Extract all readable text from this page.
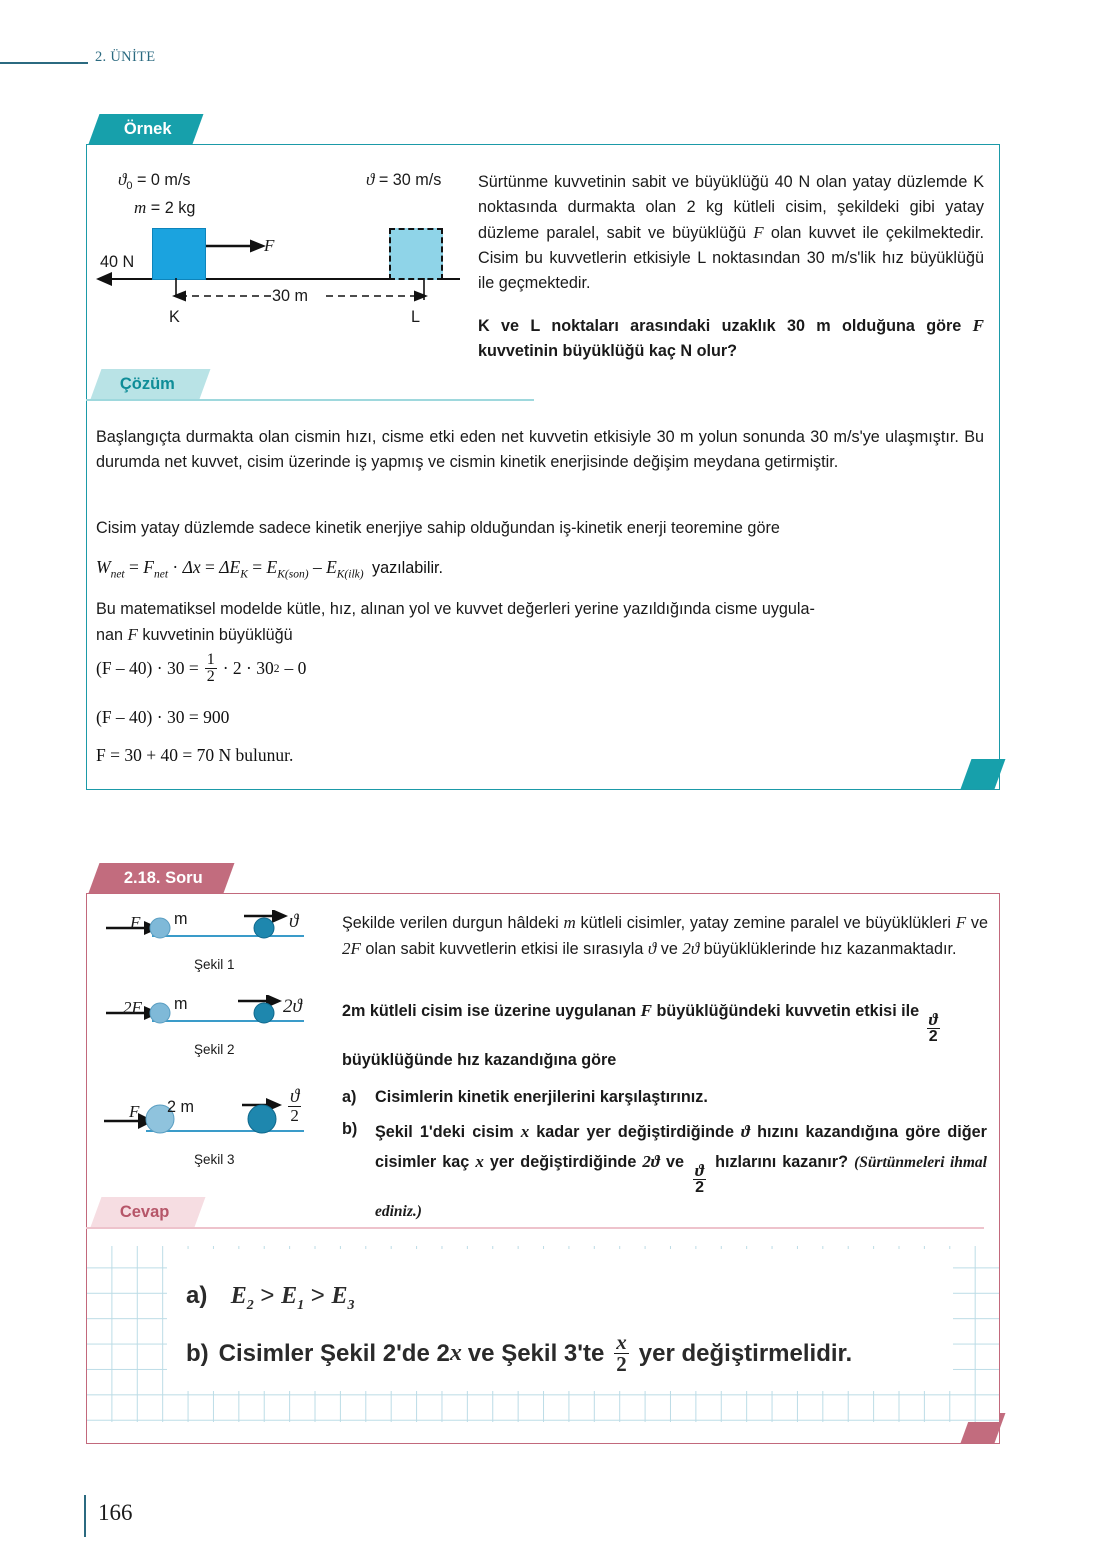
2. ÜNİTE
Örnek
$ϑ_0 = 0$ m/s
m = 2 kg
ϑ = 30 m/s
40 N
F
30 m
K	L
Sürtünme kuvvetinin sabit ve büyüklüğü 40 N olan yatay düzlemde K noktasında durmakta olan 2 kg kütleli cisim, şekildeki gibi yatay düzleme paralel, sabit ve büyüklüğü F olan kuvvet ile çekilmektedir. Cisim bu kuvvetlerin etkisiyle L noktasından 30 m/s'lik hız büyüklüğü ile geçmektedir.
K ve L noktaları arasındaki uzaklık 30 m olduğuna göre F kuvvetinin büyüklüğü kaç N olur?
Çözüm
Başlangıçta durmakta olan cismin hızı, cisme etki eden net kuvvetin etkisiyle 30 m yolun sonunda 30 m/s'ye ulaşmıştır. Bu durumda net kuvvet, cisim üzerinde iş yapmış ve cismin kinetik enerjisinde değişim meydana getirmiştir.
Cisim yatay düzlemde sadece kinetik enerjiye sahip olduğundan iş-kinetik enerji teoremine göre
$W_{net} = F_{net} \cdot \Delta x = \Delta E_K = E_{K(son)} - E_{K(ilk)}$ yazılabilir.
Bu matematiksel modelde kütle, hız, alınan yol ve kuvvet değerleri yerine yazıldığında cisme uygula-
nan F kuvvetinin büyüklüğü
$(F - 40) \cdot 30 = \frac{1}{2} \cdot 2 \cdot 30$ 2 – 0
(F – 40) · 30 = 900
F = 30 + 40 = 70 N bulunur.
2.18. Soru
F m	ϑ
Şekil 1
2F m	2ϑ
Şekil 2
F 2 m	$\frac{ϑ}{2}$
Şekil 3
Şekilde verilen durgun hâldeki m kütleli cisimler, yatay zemine paralel ve büyüklükleri F ve 2F olan sabit kuvvetlerin etkisi ile sırasıyla ϑ ve 2ϑ büyüklüklerinde hız kazanmaktadır.
2m kütleli cisim ise üzerine uygulanan F büyüklüğündeki kuvvetin etkisi ile $\frac{ϑ}{2}$
büyüklüğünde hız kazandığına göre
a)	Cisimlerin kinetik enerjilerini karşılaştırınız.
b)	Şekil 1'deki cisim x kadar yer değiştirdiğinde ϑ hızını kazandığına göre diğer cisimler kaç x yer değiştirdiğinde 2ϑ ve $\frac{ϑ}{2}$ hızlarını kazanır? (Sürtünmeleri ihmal ediniz.)
Cevap
a) $E_2 > E_1 > E_3$
b) Cisimler Şekil 2'de 2 x ve Şekil $3'te \frac{x}{2}$ yer değiştirmelidir.
166
